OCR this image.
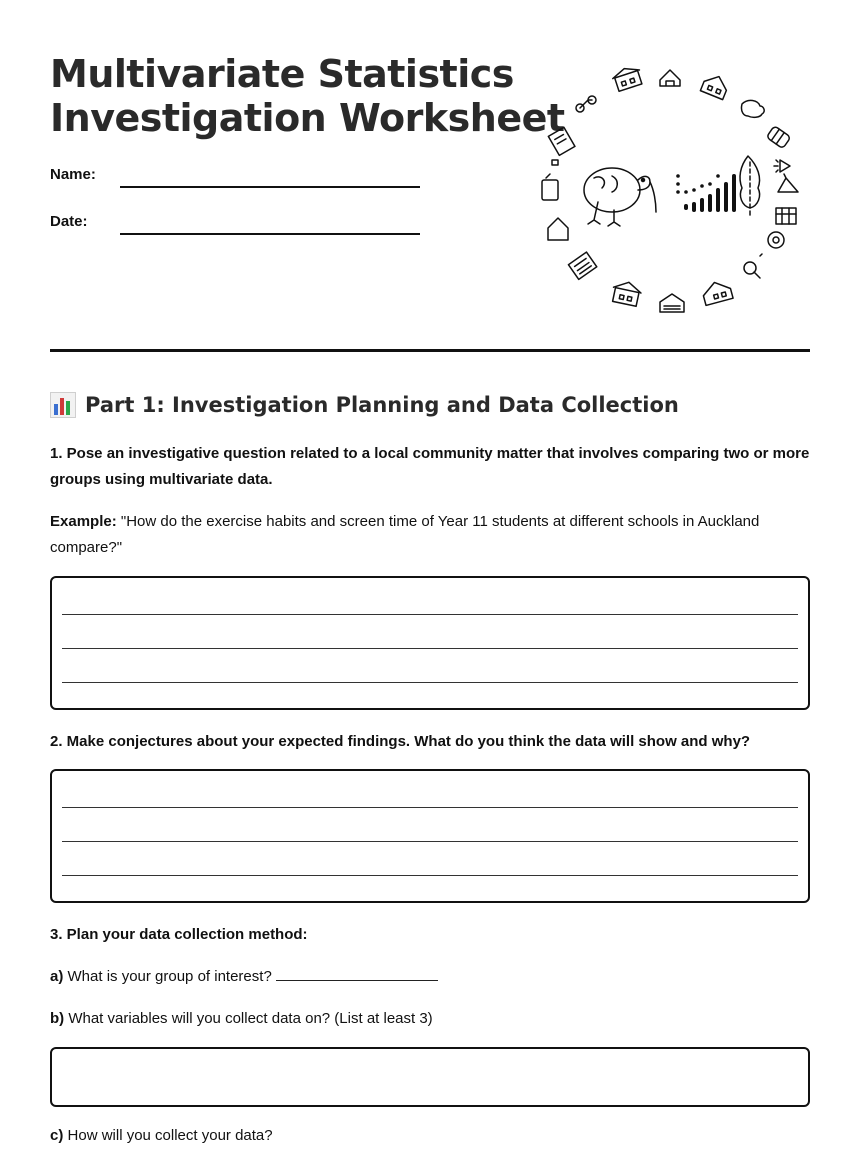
Multivariate Statistics
Investigation Worksheet
Name:
Date:
Part 1: Investigation Planning and Data Collection

1. Pose an investigative question related to a local community matter that involves comparing two or more groups using multivariate data.

Example: "How do the exercise habits and screen time of Year 11 students at different schools in Auckland compare?"

2. Make conjectures about your expected findings. What do you think the data will show and why?

3. Plan your data collection method:

a) What is your group of interest?

b) What variables will you collect data on? (List at least 3)

c) How will you collect your data?
